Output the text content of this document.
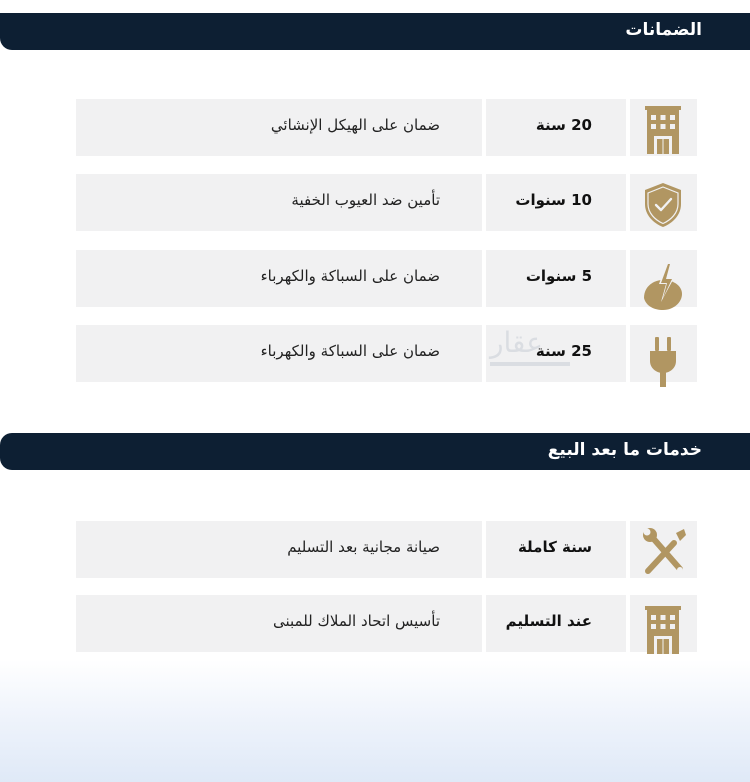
الضمانات
ضمان على الهيكل الإنشائي	20 سنة
تأمين ضد العيوب الخفية	10 سنوات
ضمان على السباكة والكهرباء	5 سنوات
ضمان على السباكة والكهرباء	25 سنة
عقار
خدمات ما بعد البيع
صيانة مجانية بعد التسليم	سنة كاملة
تأسيس اتحاد الملاك للمبنى	عند التسليم
